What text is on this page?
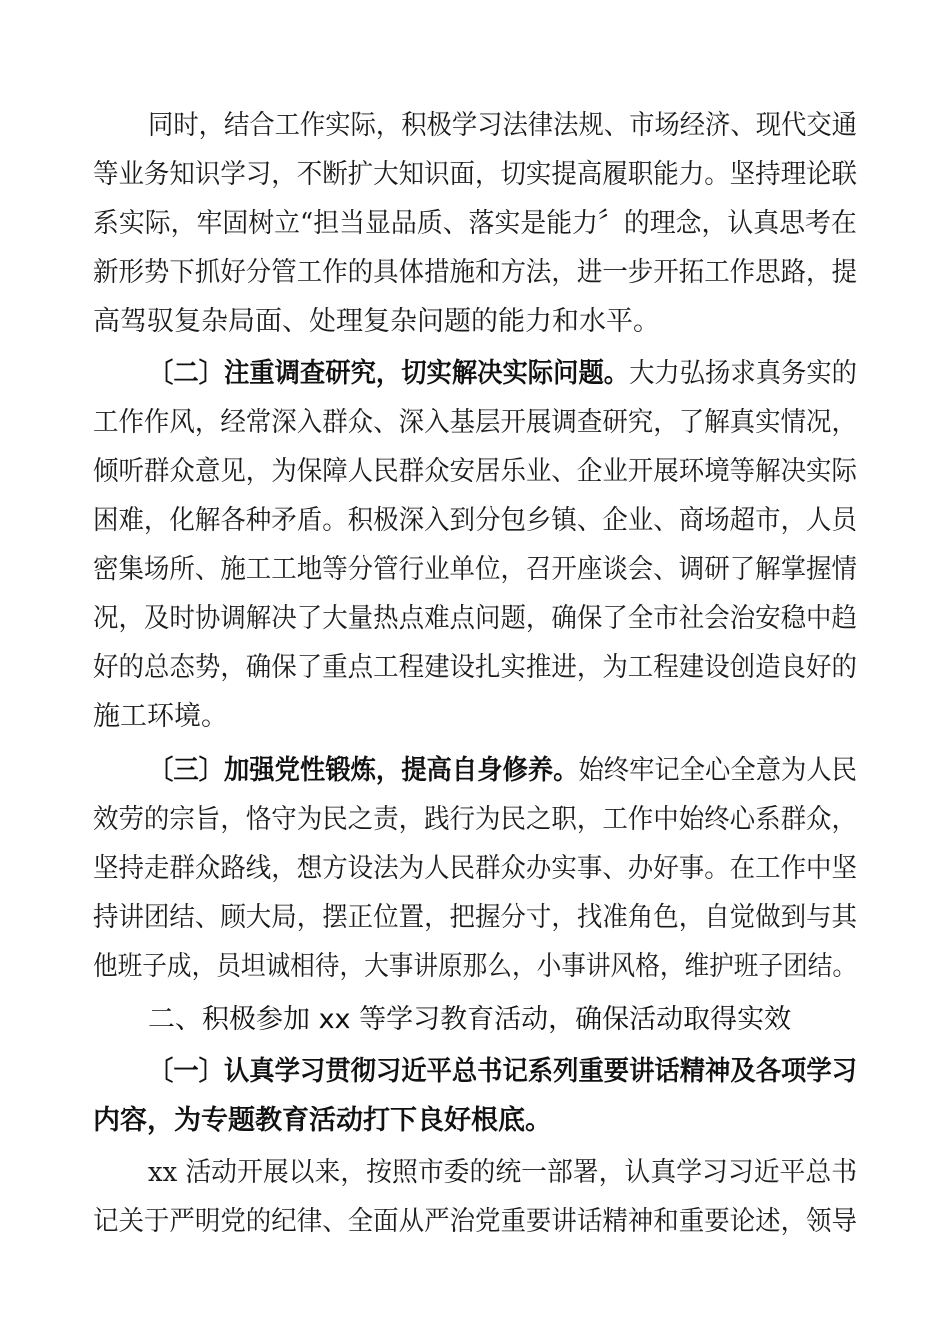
同时，结合工作实际，积极学习法律法规、市场经济、现代交通
等业务知识学习，不断扩大知识面，切实提高履职能力。坚持理论联
系实际，牢固树立“担当显品质、落实是能力〞的理念，认真思考在
新形势下抓好分管工作的具体措施和方法，进一步开拓工作思路，提
高驾驭复杂局面、处理复杂问题的能力和水平。
〔二〕注重调查研究，切实解决实际问题。大力弘扬求真务实的
工作作风，经常深入群众、深入基层开展调查研究，了解真实情况，
倾听群众意见，为保障人民群众安居乐业、企业开展环境等解决实际
困难，化解各种矛盾。积极深入到分包乡镇、企业、商场超市，人员
密集场所、施工工地等分管行业单位，召开座谈会、调研了解掌握情
况，及时协调解决了大量热点难点问题，确保了全市社会治安稳中趋
好的总态势，确保了重点工程建设扎实推进，为工程建设创造良好的
施工环境。
〔三〕加强党性锻炼，提高自身修养。始终牢记全心全意为人民
效劳的宗旨，恪守为民之责，践行为民之职，工作中始终心系群众，
坚持走群众路线，想方设法为人民群众办实事、办好事。在工作中坚
持讲团结、顾大局，摆正位置，把握分寸，找准角色，自觉做到与其
他班子成，员坦诚相待，大事讲原那么，小事讲风格，维护班子团结。
二、积极参加 xx 等学习教育活动，确保活动取得实效
〔一〕认真学习贯彻习近平总书记系列重要讲话精神及各项学习
内容，为专题教育活动打下良好根底。
xx 活动开展以来，按照市委的统一部署，认真学习习近平总书
记关于严明党的纪律、全面从严治党重要讲话精神和重要论述，领导
